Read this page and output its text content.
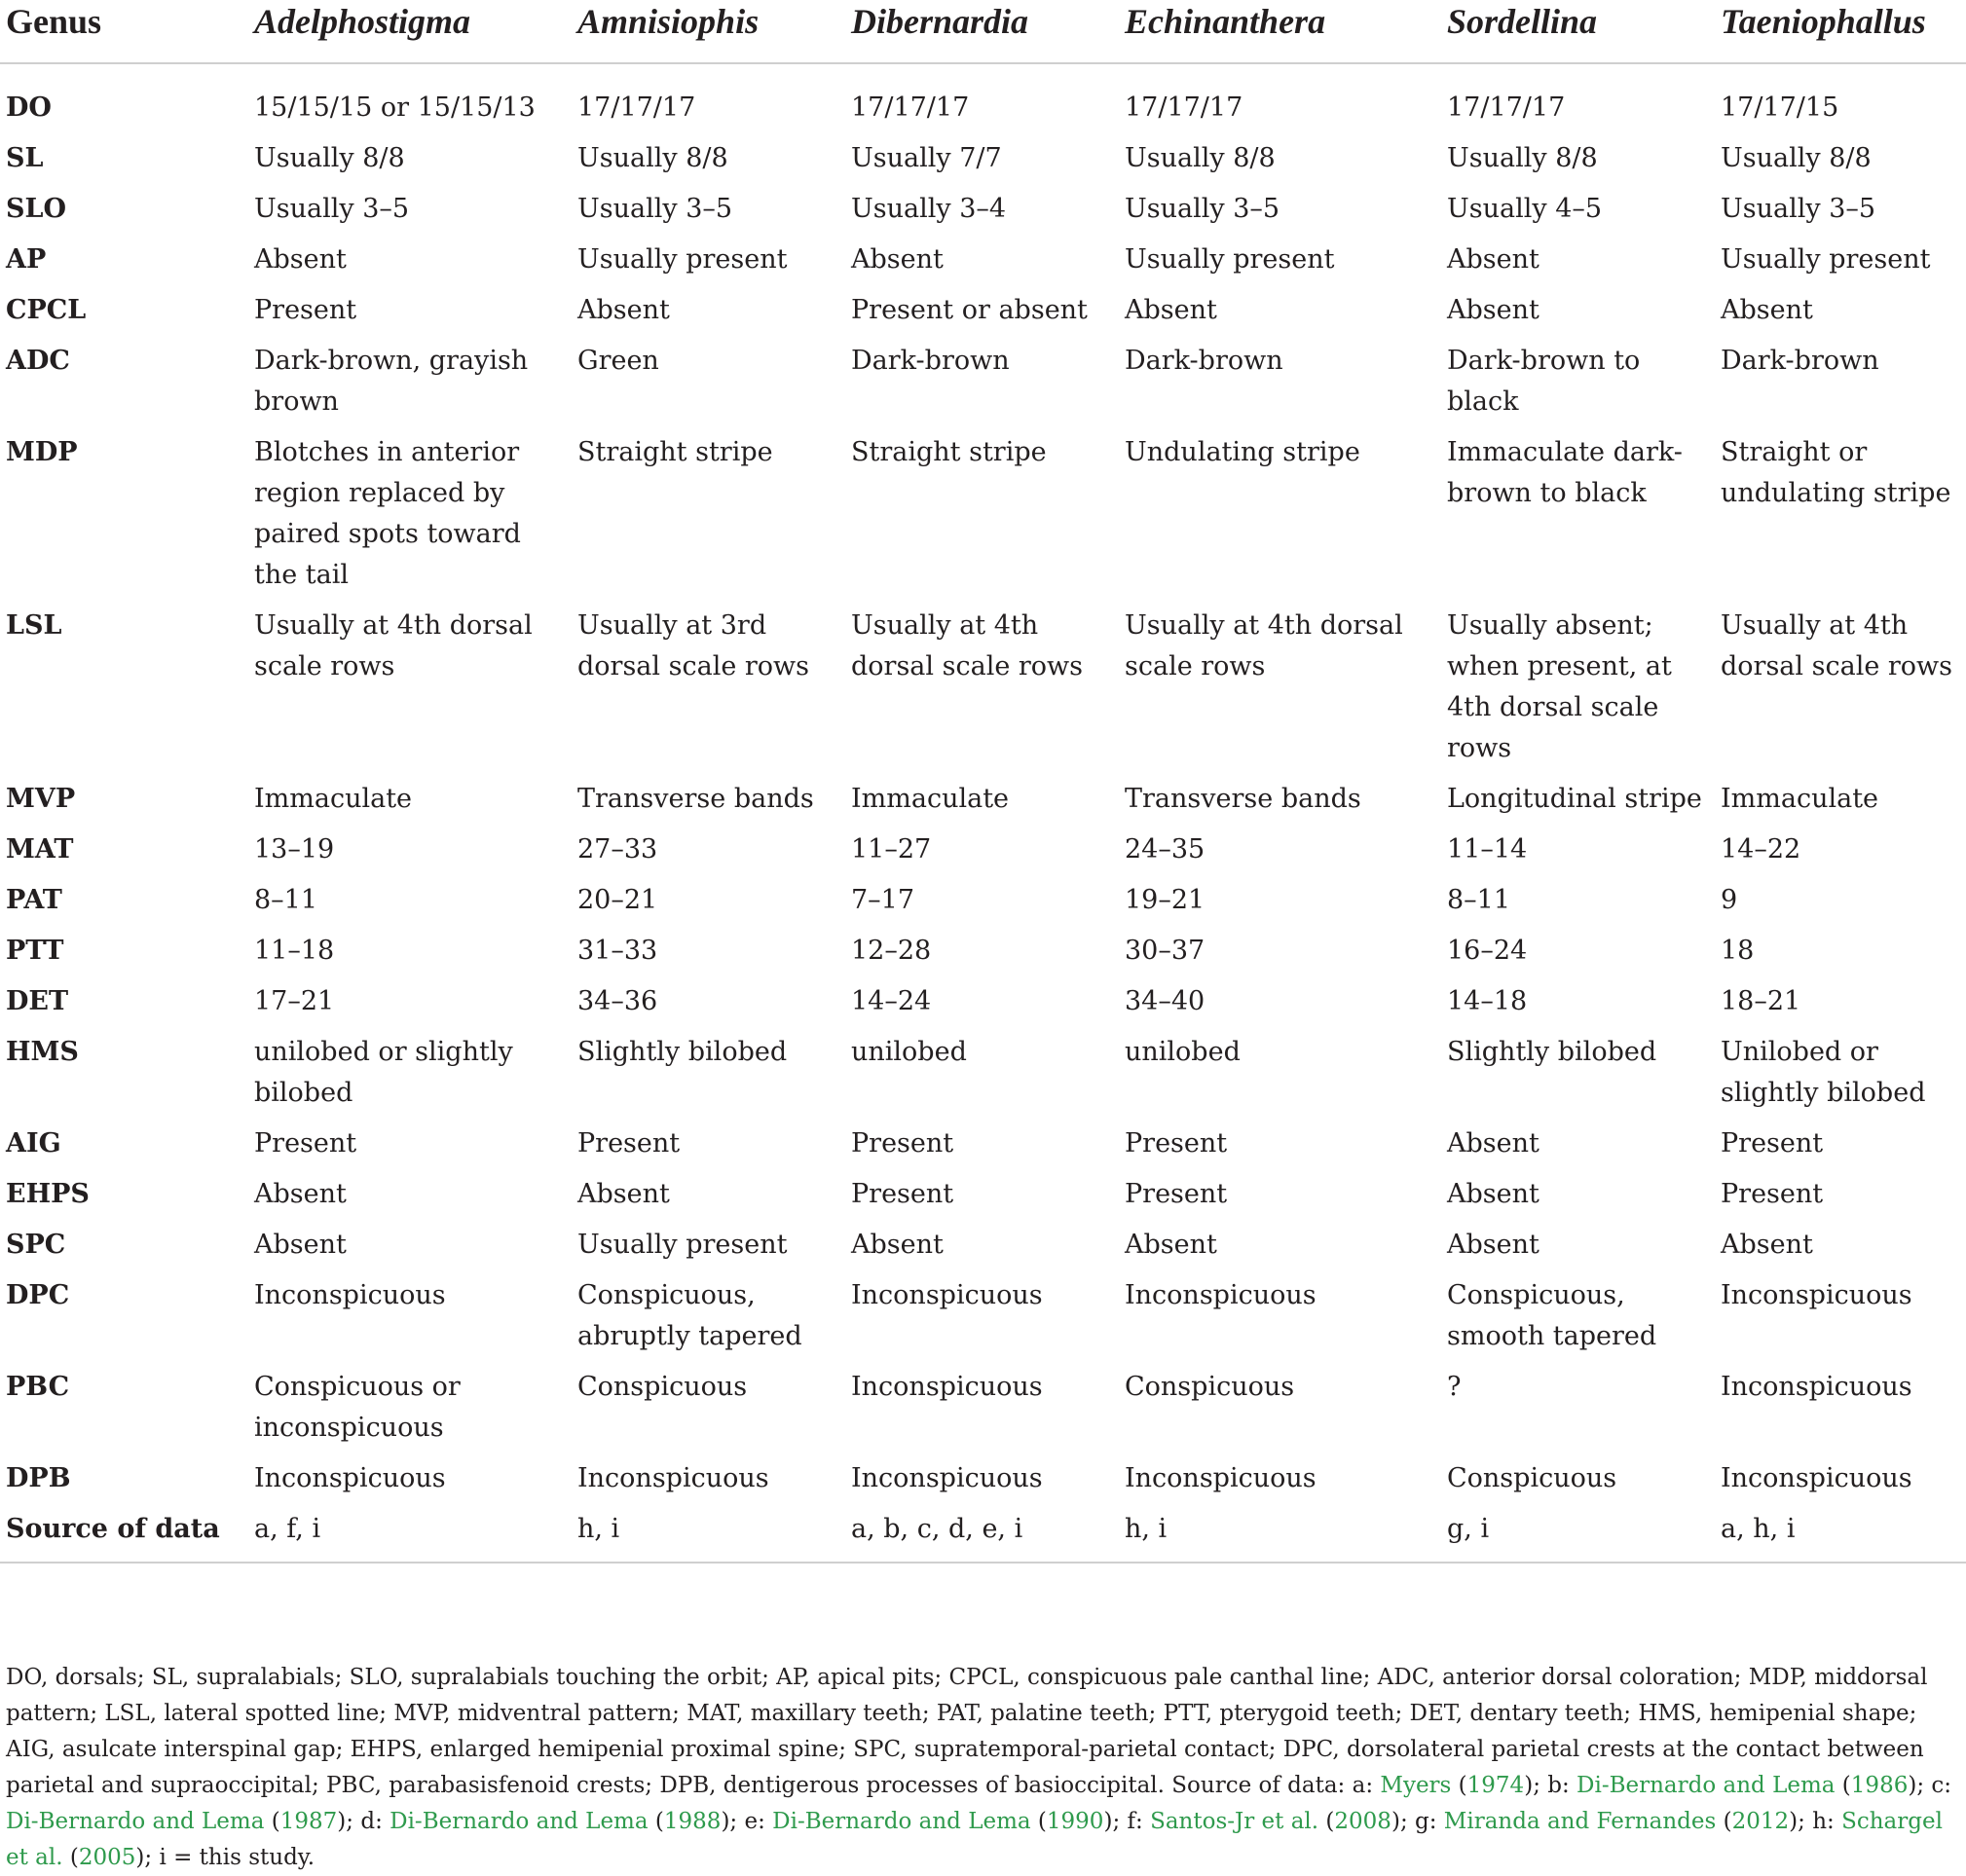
Genus	Adelphostigma	Amnisiophis	Dibernardia	Echinanthera	Sordellina	Taeniophallus
DO	15/15/15 or 15/15/13	17/17/17	17/17/17	17/17/17	17/17/17	17/17/15
SL	Usually 8/8	Usually 8/8	Usually 7/7	Usually 8/8	Usually 8/8	Usually 8/8
SLO	Usually 3–5	Usually 3–5	Usually 3–4	Usually 3–5	Usually 4–5	Usually 3–5
AP	Absent	Usually present	Absent	Usually present	Absent	Usually present
CPCL	Present	Absent	Present or absent	Absent	Absent	Absent
ADC	Dark-brown, grayish brown	Green	Dark-brown	Dark-brown	Dark-brown to black	Dark-brown
MDP	Blotches in anterior region replaced by paired spots toward the tail	Straight stripe	Straight stripe	Undulating stripe	Immaculate dark-brown to black	Straight or undulating stripe
LSL	Usually at 4th dorsal scale rows	Usually at 3rd dorsal scale rows	Usually at 4th dorsal scale rows	Usually at 4th dorsal scale rows	Usually absent; when present, at 4th dorsal scale rows	Usually at 4th dorsal scale rows
MVP	Immaculate	Transverse bands	Immaculate	Transverse bands	Longitudinal stripe	Immaculate
MAT	13–19	27–33	11–27	24–35	11–14	14–22
PAT	8–11	20–21	7–17	19–21	8–11	9
PTT	11–18	31–33	12–28	30–37	16–24	18
DET	17–21	34–36	14–24	34–40	14–18	18–21
HMS	unilobed or slightly bilobed	Slightly bilobed	unilobed	unilobed	Slightly bilobed	Unilobed or slightly bilobed
AIG	Present	Present	Present	Present	Absent	Present
EHPS	Absent	Absent	Present	Present	Absent	Present
SPC	Absent	Usually present	Absent	Absent	Absent	Absent
DPC	Inconspicuous	Conspicuous, abruptly tapered	Inconspicuous	Inconspicuous	Conspicuous, smooth tapered	Inconspicuous
PBC	Conspicuous or inconspicuous	Conspicuous	Inconspicuous	Conspicuous	?	Inconspicuous
DPB	Inconspicuous	Inconspicuous	Inconspicuous	Inconspicuous	Conspicuous	Inconspicuous
Source of data	a, f, i	h, i	a, b, c, d, e, i	h, i	g, i	a, h, i
DO, dorsals; SL, supralabials; SLO, supralabials touching the orbit; AP, apical pits; CPCL, conspicuous pale canthal line; ADC, anterior dorsal coloration; MDP, middorsal pattern; LSL, lateral spotted line; MVP, midventral pattern; MAT, maxillary teeth; PAT, palatine teeth; PTT, pterygoid teeth; DET, dentary teeth; HMS, hemipenial shape; AIG, asulcate interspinal gap; EHPS, enlarged hemipenial proximal spine; SPC, supratemporal-parietal contact; DPC, dorsolateral parietal crests at the contact between parietal and supraoccipital; PBC, parabasisfenoid crests; DPB, dentigerous processes of basioccipital. Source of data: a: Myers (1974); b: Di-Bernardo and Lema (1986); c: Di-Bernardo and Lema (1987); d: Di-Bernardo and Lema (1988); e: Di-Bernardo and Lema (1990); f: Santos-Jr et al. (2008); g: Miranda and Fernandes (2012); h: Schargel et al. (2005); i = this study.
